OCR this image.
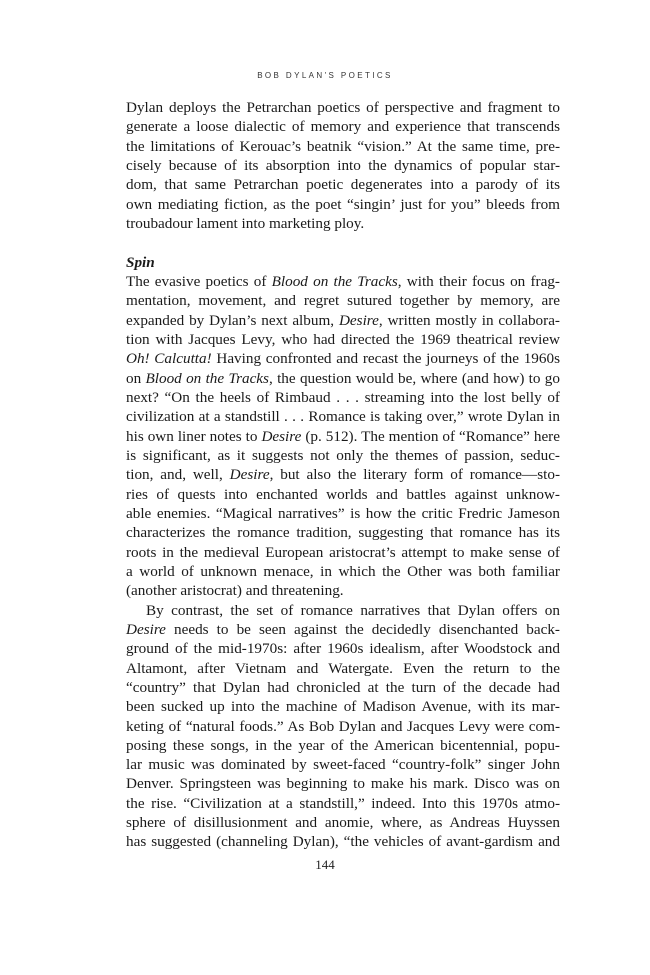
BOB DYLAN'S POETICS
Dylan deploys the Petrarchan poetics of perspective and fragment to
generate a loose dialectic of memory and experience that transcends
the limitations of Kerouac’s beatnik “vision.” At the same time, pre-
cisely because of its absorption into the dynamics of popular star-
dom, that same Petrarchan poetic degenerates into a parody of its
own mediating fiction, as the poet “singin’ just for you” bleeds from
troubadour lament into marketing ploy.
Spin
The evasive poetics of Blood on the Tracks, with their focus on frag-
mentation, movement, and regret sutured together by memory, are
expanded by Dylan’s next album, Desire, written mostly in collabora-
tion with Jacques Levy, who had directed the 1969 theatrical review
Oh! Calcutta! Having confronted and recast the journeys of the 1960s
on Blood on the Tracks, the question would be, where (and how) to go
next? “On the heels of Rimbaud . . . streaming into the lost belly of
civilization at a standstill . . . Romance is taking over,” wrote Dylan in
his own liner notes to Desire (p. 512). The mention of “Romance” here
is significant, as it suggests not only the themes of passion, seduc-
tion, and, well, Desire, but also the literary form of romance—sto-
ries of quests into enchanted worlds and battles against unknow-
able enemies. “Magical narratives” is how the critic Fredric Jameson
characterizes the romance tradition, suggesting that romance has its
roots in the medieval European aristocrat’s attempt to make sense of
a world of unknown menace, in which the Other was both familiar
(another aristocrat) and threatening.
By contrast, the set of romance narratives that Dylan offers on
Desire needs to be seen against the decidedly disenchanted back-
ground of the mid-1970s: after 1960s idealism, after Woodstock and
Altamont, after Vietnam and Watergate. Even the return to the
“country” that Dylan had chronicled at the turn of the decade had
been sucked up into the machine of Madison Avenue, with its mar-
keting of “natural foods.” As Bob Dylan and Jacques Levy were com-
posing these songs, in the year of the American bicentennial, popu-
lar music was dominated by sweet-faced “country-folk” singer John
Denver. Springsteen was beginning to make his mark. Disco was on
the rise. “Civilization at a standstill,” indeed. Into this 1970s atmo-
sphere of disillusionment and anomie, where, as Andreas Huyssen
has suggested (channeling Dylan), “the vehicles of avant-gardism and
144
